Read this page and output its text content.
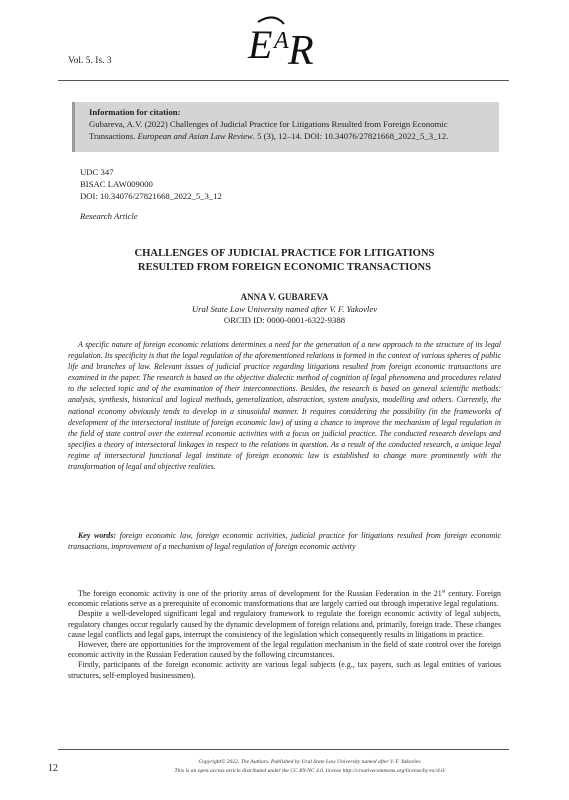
Vol. 5. Is. 3	E A R
Information for citation:
Gubareva, A.V. (2022) Challenges of Judicial Practice for Litigations Resulted from Foreign Economic Transactions. European and Asian Law Review. 5 (3), 12–14. DOI: 10.34076/27821668_2022_5_3_12.
UDC 347
BISAC LAW009000
DOI: 10.34076/27821668_2022_5_3_12
Research Article
CHALLENGES OF JUDICIAL PRACTICE FOR LITIGATIONS
RESULTED FROM FOREIGN ECONOMIC TRANSACTIONS
ANNA V. GUBAREVA
Ural State Law University named after V. F. Yakovlev
ORCID ID: 0000-0001-6322-9388

A specific nature of foreign economic relations determines a need for the generation of a new approach to the structure of its legal regulation. Its specificity is that the legal regulation of the aforementioned relations is formed in the context of various spheres of public life and branches of law. Relevant issues of judicial practice regarding litigations resulted from foreign economic transactions are examined in the paper. The research is based on the objective dialectic method of cognition of legal phenomena and procedures related to the selected topic and of the examination of their interconnections. Besides, the research is based on general scientific methods: analysis, synthesis, historical and logical methods, generalization, abstraction, system analysis, modelling and others. Currently, the national economy obviously tends to develop in a sinusoidal manner. It requires considering the possibility (in the frameworks of development of the intersectoral institute of foreign economic law) of using a chance to improve the mechanism of legal regulation in the field of state control over the external economic activities with a focus on judicial practice. The conducted research develops and specifies a theory of intersectoral linkages in respect to the relations in question. As a result of the conducted research, a unique legal regime of intersectoral functional legal institute of foreign economic law is established to change more prominently with the transformation of legal and objective realities.

Key words: foreign economic law, foreign economic activities, judicial practice for litigations resulted from foreign economic transactions, improvement of a mechanism of legal regulation of foreign economic activity

The foreign economic activity is one of the priority areas of development for the Russian Federation in the 21st century. Foreign economic relations serve as a prerequisite of economic transformations that are largely carried out through imperative legal regulations.

Despite a well-developed significant legal and regulatory framework to regulate the foreign economic activity of legal subjects, regulatory changes occur regularly caused by the dynamic development of foreign relations and, primarily, foreign trade. These changes cause legal conflicts and legal gaps, interrupt the consistency of the legislation which consequently results in litigations in practice.

However, there are opportunities for the improvement of the legal regulation mechanism in the field of state control over the foreign economic activity in the Russian Federation caused by the following circumstances.

Firstly, participants of the foreign economic activity are various legal subjects (e.g., tax payers, such as legal entities of various structures, self-employed businessmen).

12
Copyright© 2022. The Authors. Published by Ural State Law University named after V. F. Yakovlev.
This is an open access article distributed under the CC BY-NC 4.0. license http://creativecommons.org/license/by-nc/4.0/
